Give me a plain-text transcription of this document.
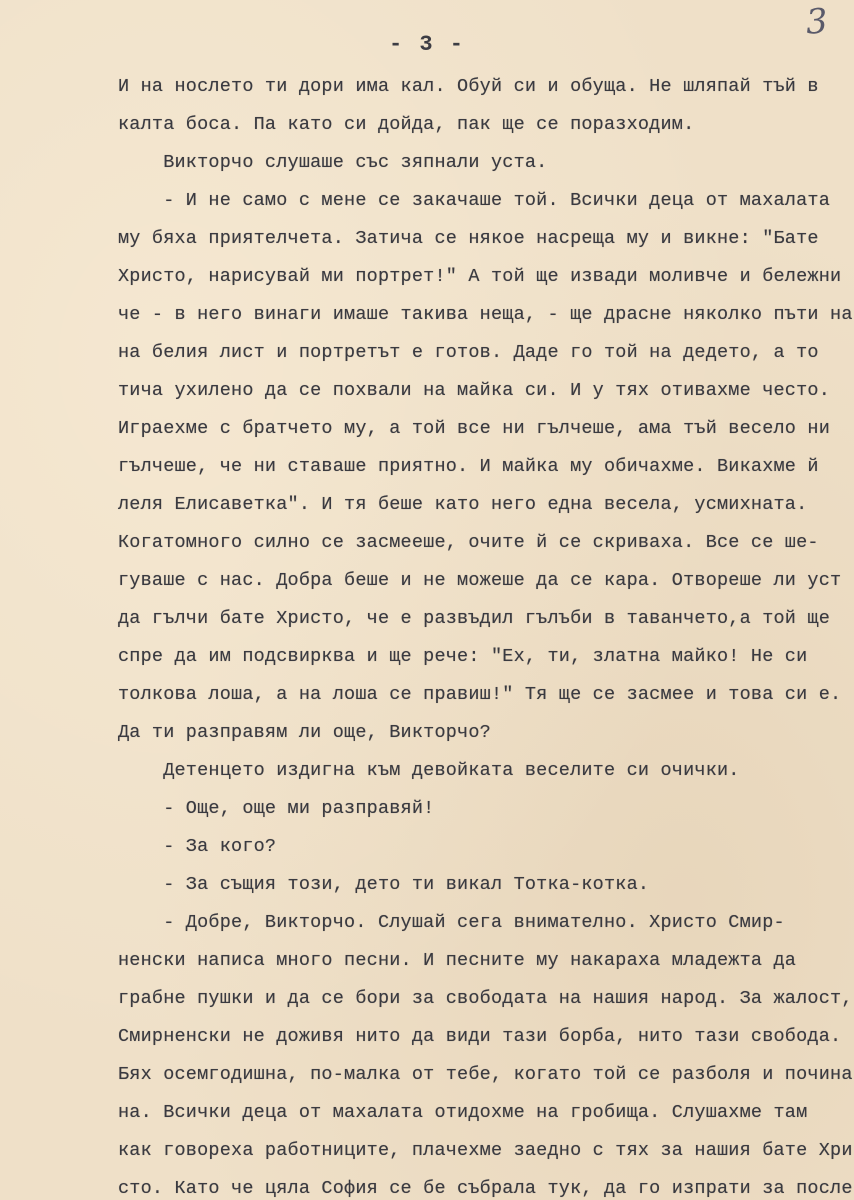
3
- 3 -
И на нослето ти дори има кал. Обуй си и обуща. Не шляпай тъй в
калта боса. Па като си дойда, пак ще се поразходим.
Викторчо слушаше със зяпнали уста.
- И не само с мене се закачаше той. Всички деца от махалата
му бяха приятелчета. Затича се някое насреща му и викне: "Бате
Христо, нарисувай ми портрет!" А той ще извади моливче и бележни
че - в него винаги имаше такива неща, - ще драсне няколко пъти на
на белия лист и портретът е готов. Даде го той на дедето, а то
тича ухилено да се похвали на майка си. И у тях отивахме често.
Играехме с братчето му, а той все ни гълчеше, ама тъй весело ни
гълчеше, че ни ставаше приятно. И майка му обичахме. Викахме й
леля Елисаветка". И тя беше като него една весела, усмихната.
Когатомного силно се засмееше, очите й се скриваха. Все се ше-
гуваше с нас. Добра беше и не можеше да се кара. Отвореше ли уст
да гълчи бате Христо, че е развъдил гълъби в таванчето,а той ще
спре да им подсвирква и ще рече: "Ех, ти, златна майко! Не си
толкова лоша, а на лоша се правиш!" Тя ще се засмее и това си е.
Да ти разправям ли още, Викторчо?
Детенцето издигна към девойката веселите си очички.
- Още, още ми разправяй!
- За кого?
- За същия този, дето ти викал Тотка-котка.
- Добре, Викторчо. Слушай сега внимателно. Христо Смир-
ненски написа много песни. И песните му накараха младежта да
грабне пушки и да се бори за свободата на нашия народ. За жалост,
Смирненски не доживя нито да види тази борба, нито тази свобода.
Бях осемгодишна, по-малка от тебе, когато той се разболя и почина
на. Всички деца от махалата отидохме на гробища. Слушахме там
как говореха работниците, плачехме заедно с тях за нашия бате Хри
сто. Като че цяла София се бе събрала тук, да го изпрати за после
